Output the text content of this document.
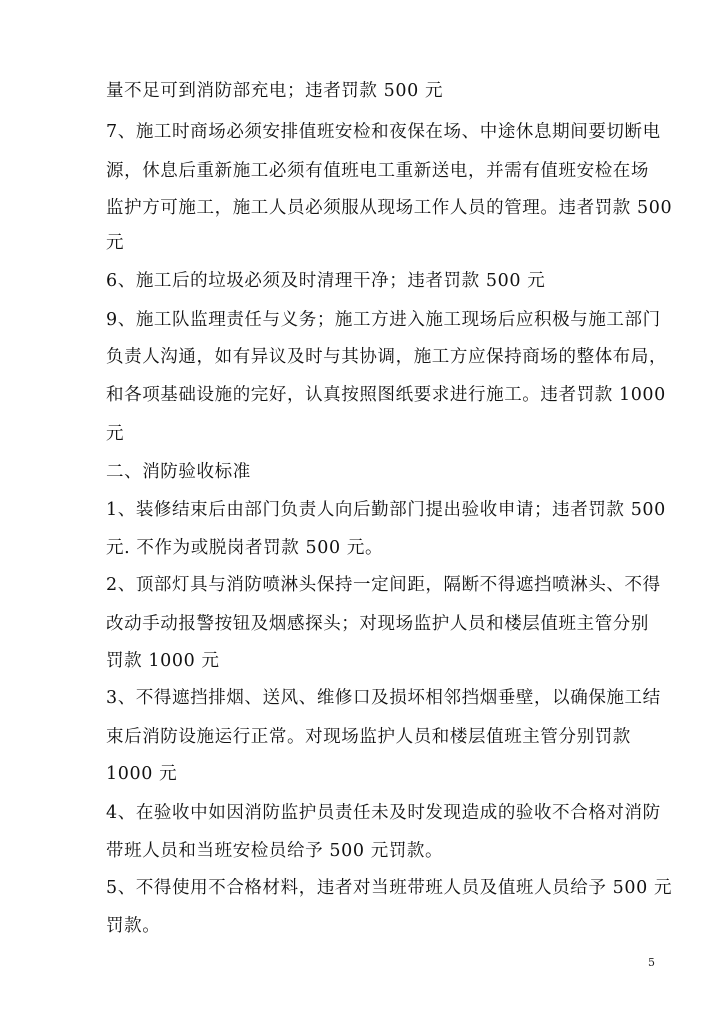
量不足可到消防部充电；违者罚款 500 元
7、施工时商场必须安排值班安检和夜保在场、中途休息期间要切断电
源，休息后重新施工必须有值班电工重新送电，并需有值班安检在场
监护方可施工，施工人员必须服从现场工作人员的管理。违者罚款 500
元
6、施工后的垃圾必须及时清理干净；违者罚款 500 元
9、施工队监理责任与义务；施工方进入施工现场后应积极与施工部门
负责人沟通，如有异议及时与其协调，施工方应保持商场的整体布局，
和各项基础设施的完好，认真按照图纸要求进行施工。违者罚款 1000
元
二、消防验收标准
1、装修结束后由部门负责人向后勤部门提出验收申请；违者罚款 500
元. 不作为或脱岗者罚款 500 元。
2、顶部灯具与消防喷淋头保持一定间距，隔断不得遮挡喷淋头、不得
改动手动报警按钮及烟感探头；对现场监护人员和楼层值班主管分别
罚款 1000 元
3、不得遮挡排烟、送风、维修口及损坏相邻挡烟垂壁，以确保施工结
束后消防设施运行正常。对现场监护人员和楼层值班主管分别罚款
1000 元
4、在验收中如因消防监护员责任未及时发现造成的验收不合格对消防
带班人员和当班安检员给予 500 元罚款。
5、不得使用不合格材料，违者对当班带班人员及值班人员给予 500 元
罚款。
5
